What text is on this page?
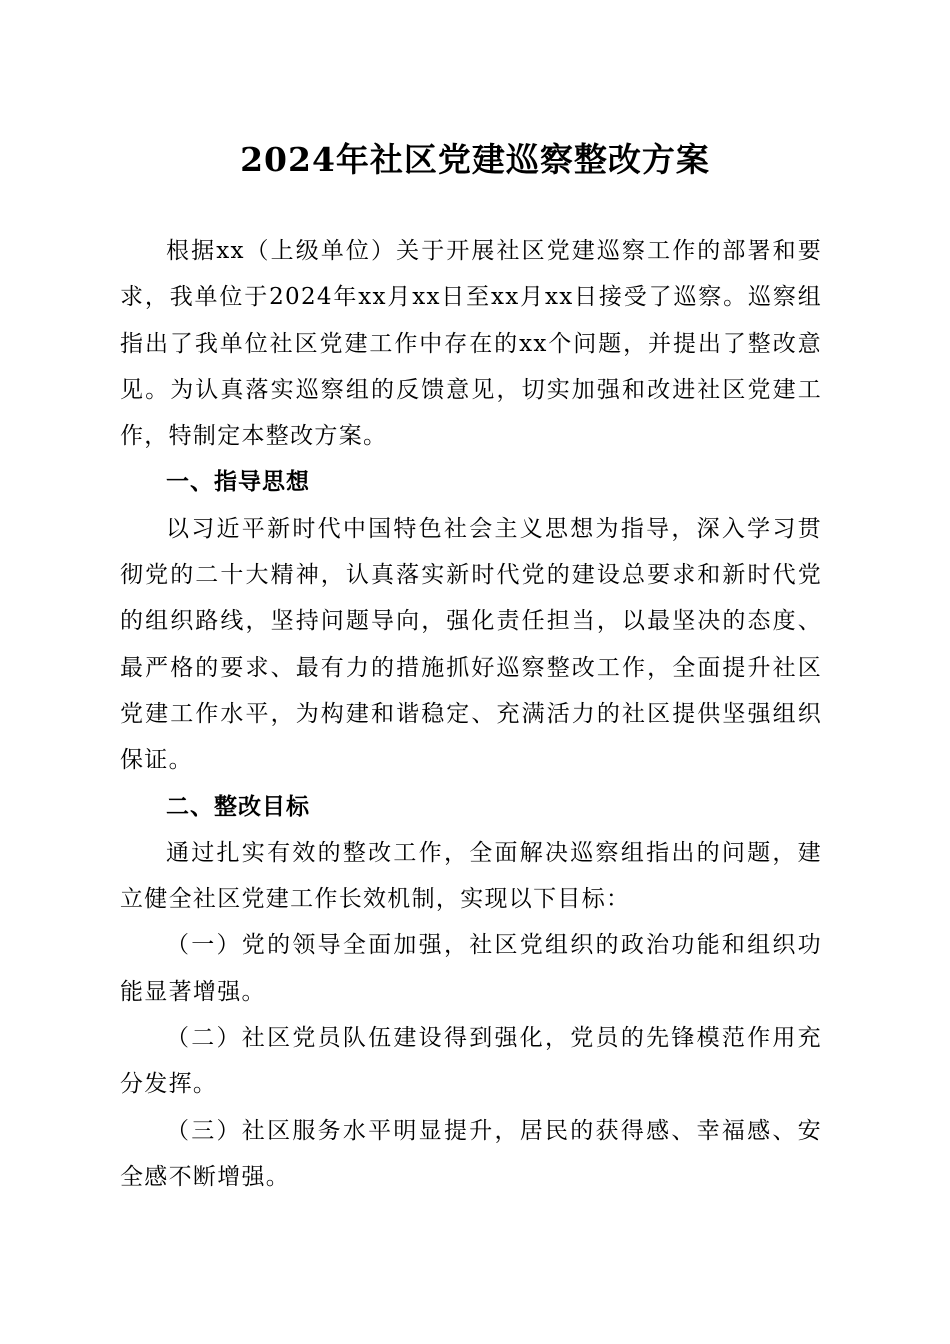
2024年社区党建巡察整改方案

根据xx（上级单位）关于开展社区党建巡察工作的部署和要求，我单位于2024年xx月xx日至xx月xx日接受了巡察。巡察组指出了我单位社区党建工作中存在的xx个问题，并提出了整改意见。为认真落实巡察组的反馈意见，切实加强和改进社区党建工作，特制定本整改方案。

一、指导思想

以习近平新时代中国特色社会主义思想为指导，深入学习贯彻党的二十大精神，认真落实新时代党的建设总要求和新时代党的组织路线，坚持问题导向，强化责任担当，以最坚决的态度、最严格的要求、最有力的措施抓好巡察整改工作，全面提升社区党建工作水平，为构建和谐稳定、充满活力的社区提供坚强组织保证。

二、整改目标

通过扎实有效的整改工作，全面解决巡察组指出的问题，建立健全社区党建工作长效机制，实现以下目标：

（一）党的领导全面加强，社区党组织的政治功能和组织功能显著增强。

（二）社区党员队伍建设得到强化，党员的先锋模范作用充分发挥。

（三）社区服务水平明显提升，居民的获得感、幸福感、安全感不断增强。
